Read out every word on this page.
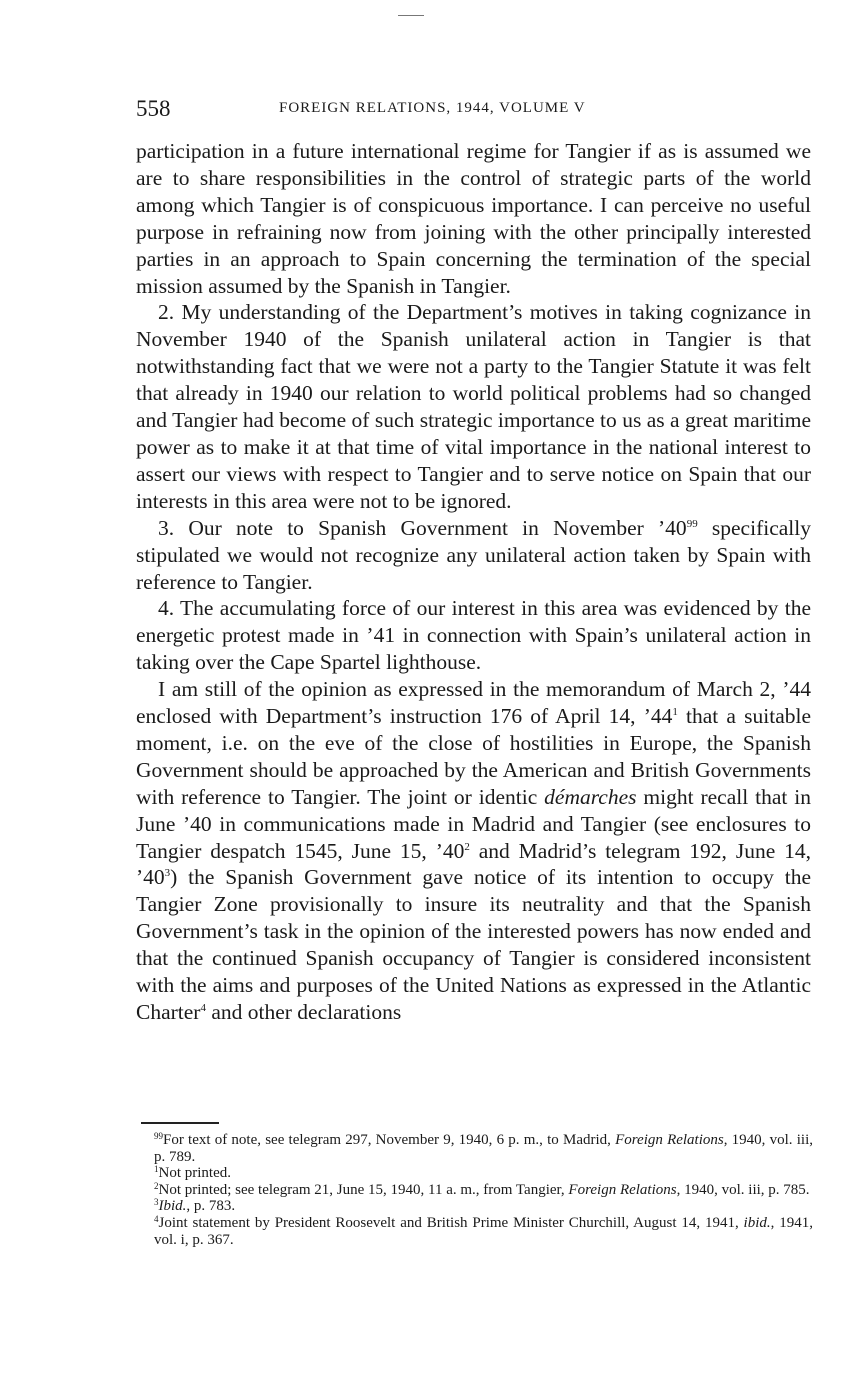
558	FOREIGN RELATIONS, 1944, VOLUME V

participation in a future international regime for Tangier if as is assumed we are to share responsibilities in the control of strategic parts of the world among which Tangier is of conspicuous importance. I can perceive no useful purpose in refraining now from joining with the other principally interested parties in an approach to Spain concerning the termination of the special mission assumed by the Spanish in Tangier.

2. My understanding of the Department’s motives in taking cognizance in November 1940 of the Spanish unilateral action in Tangier is that notwithstanding fact that we were not a party to the Tangier Statute it was felt that already in 1940 our relation to world political problems had so changed and Tangier had become of such strategic importance to us as a great maritime power as to make it at that time of vital importance in the national interest to assert our views with respect to Tangier and to serve notice on Spain that our interests in this area were not to be ignored.

3. Our note to Spanish Government in November $’40^{99}$ specifically stipulated we would not recognize any unilateral action taken by Spain with reference to Tangier.

4. The accumulating force of our interest in this area was evidenced by the energetic protest made in ’41 in connection with Spain’s unilateral action in taking over the Cape Spartel lighthouse.

I am still of the opinion as expressed in the memorandum of March 2, ’44 enclosed with Department’s instruction 176 of April 14, $’44^1$ that a suitable moment, i.e. on the eve of the close of hostilities in Europe, the Spanish Government should be approached by the American and British Governments with reference to Tangier. The joint or identic démarches might recall that in June ’40 in communications made in Madrid and Tangier (see enclosures to Tangier despatch 1545, June 15, $’40^2$ and Madrid’s telegram 192, June 14, $’40^3$) the Spanish Government gave notice of its intention to occupy the Tangier Zone provisionally to insure its neutrality and that the Spanish Government’s task in the opinion of the interested powers has now ended and that the continued Spanish occupancy of Tangier is considered inconsistent with the aims and purposes of the United Nations as expressed in the Atlantic Charter$^4$ and other declarations

$^{99}$For text of note, see telegram 297, November 9, 1940, 6 p. m., to Madrid, Foreign Relations, 1940, vol. iii, p. 789.

$^1$Not printed.

$^2$Not printed; see telegram 21, June 15, 1940, 11 a. m., from Tangier, Foreign Relations, 1940, vol. iii, p. 785.

$^3$Ibid., p. 783.

$^4$Joint statement by President Roosevelt and British Prime Minister Churchill, August 14, 1941, ibid., 1941, vol. i, p. 367.
